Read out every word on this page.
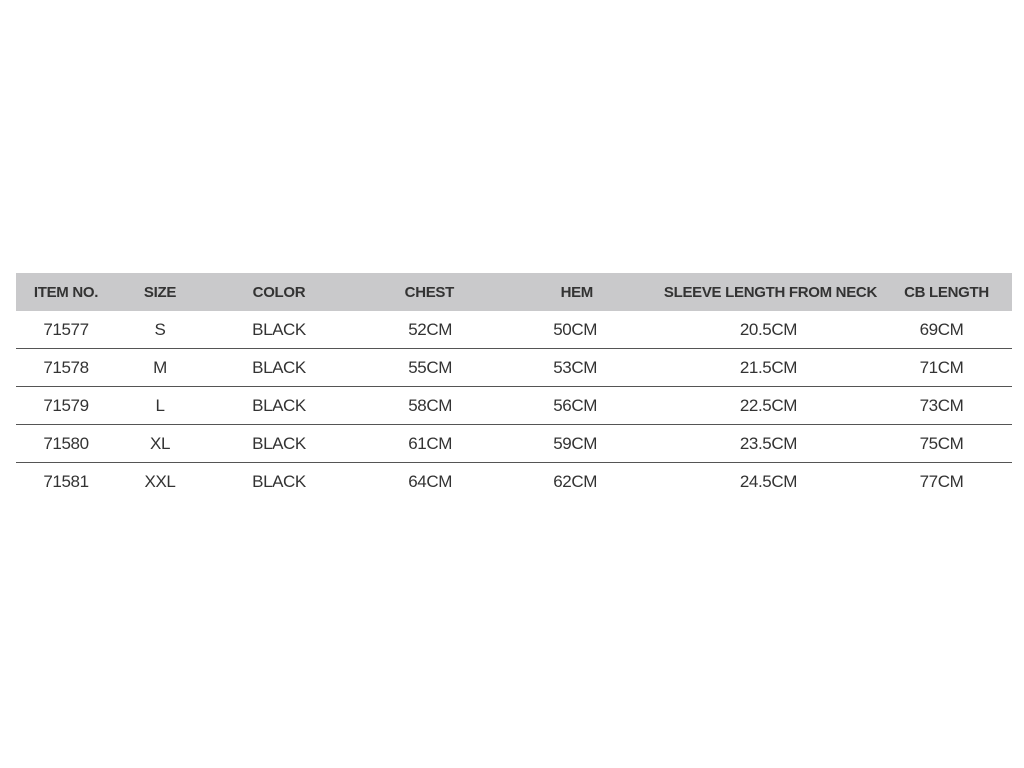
ITEM NO.	SIZE	COLOR	CHEST	HEM	SLEEVE LENGTH FROM NECK	CB LENGTH
71577	S	BLACK	52CM	50CM	20.5CM	69CM
71578	M	BLACK	55CM	53CM	21.5CM	71CM
71579	L	BLACK	58CM	56CM	22.5CM	73CM
71580	XL	BLACK	61CM	59CM	23.5CM	75CM
71581	XXL	BLACK	64CM	62CM	24.5CM	77CM
